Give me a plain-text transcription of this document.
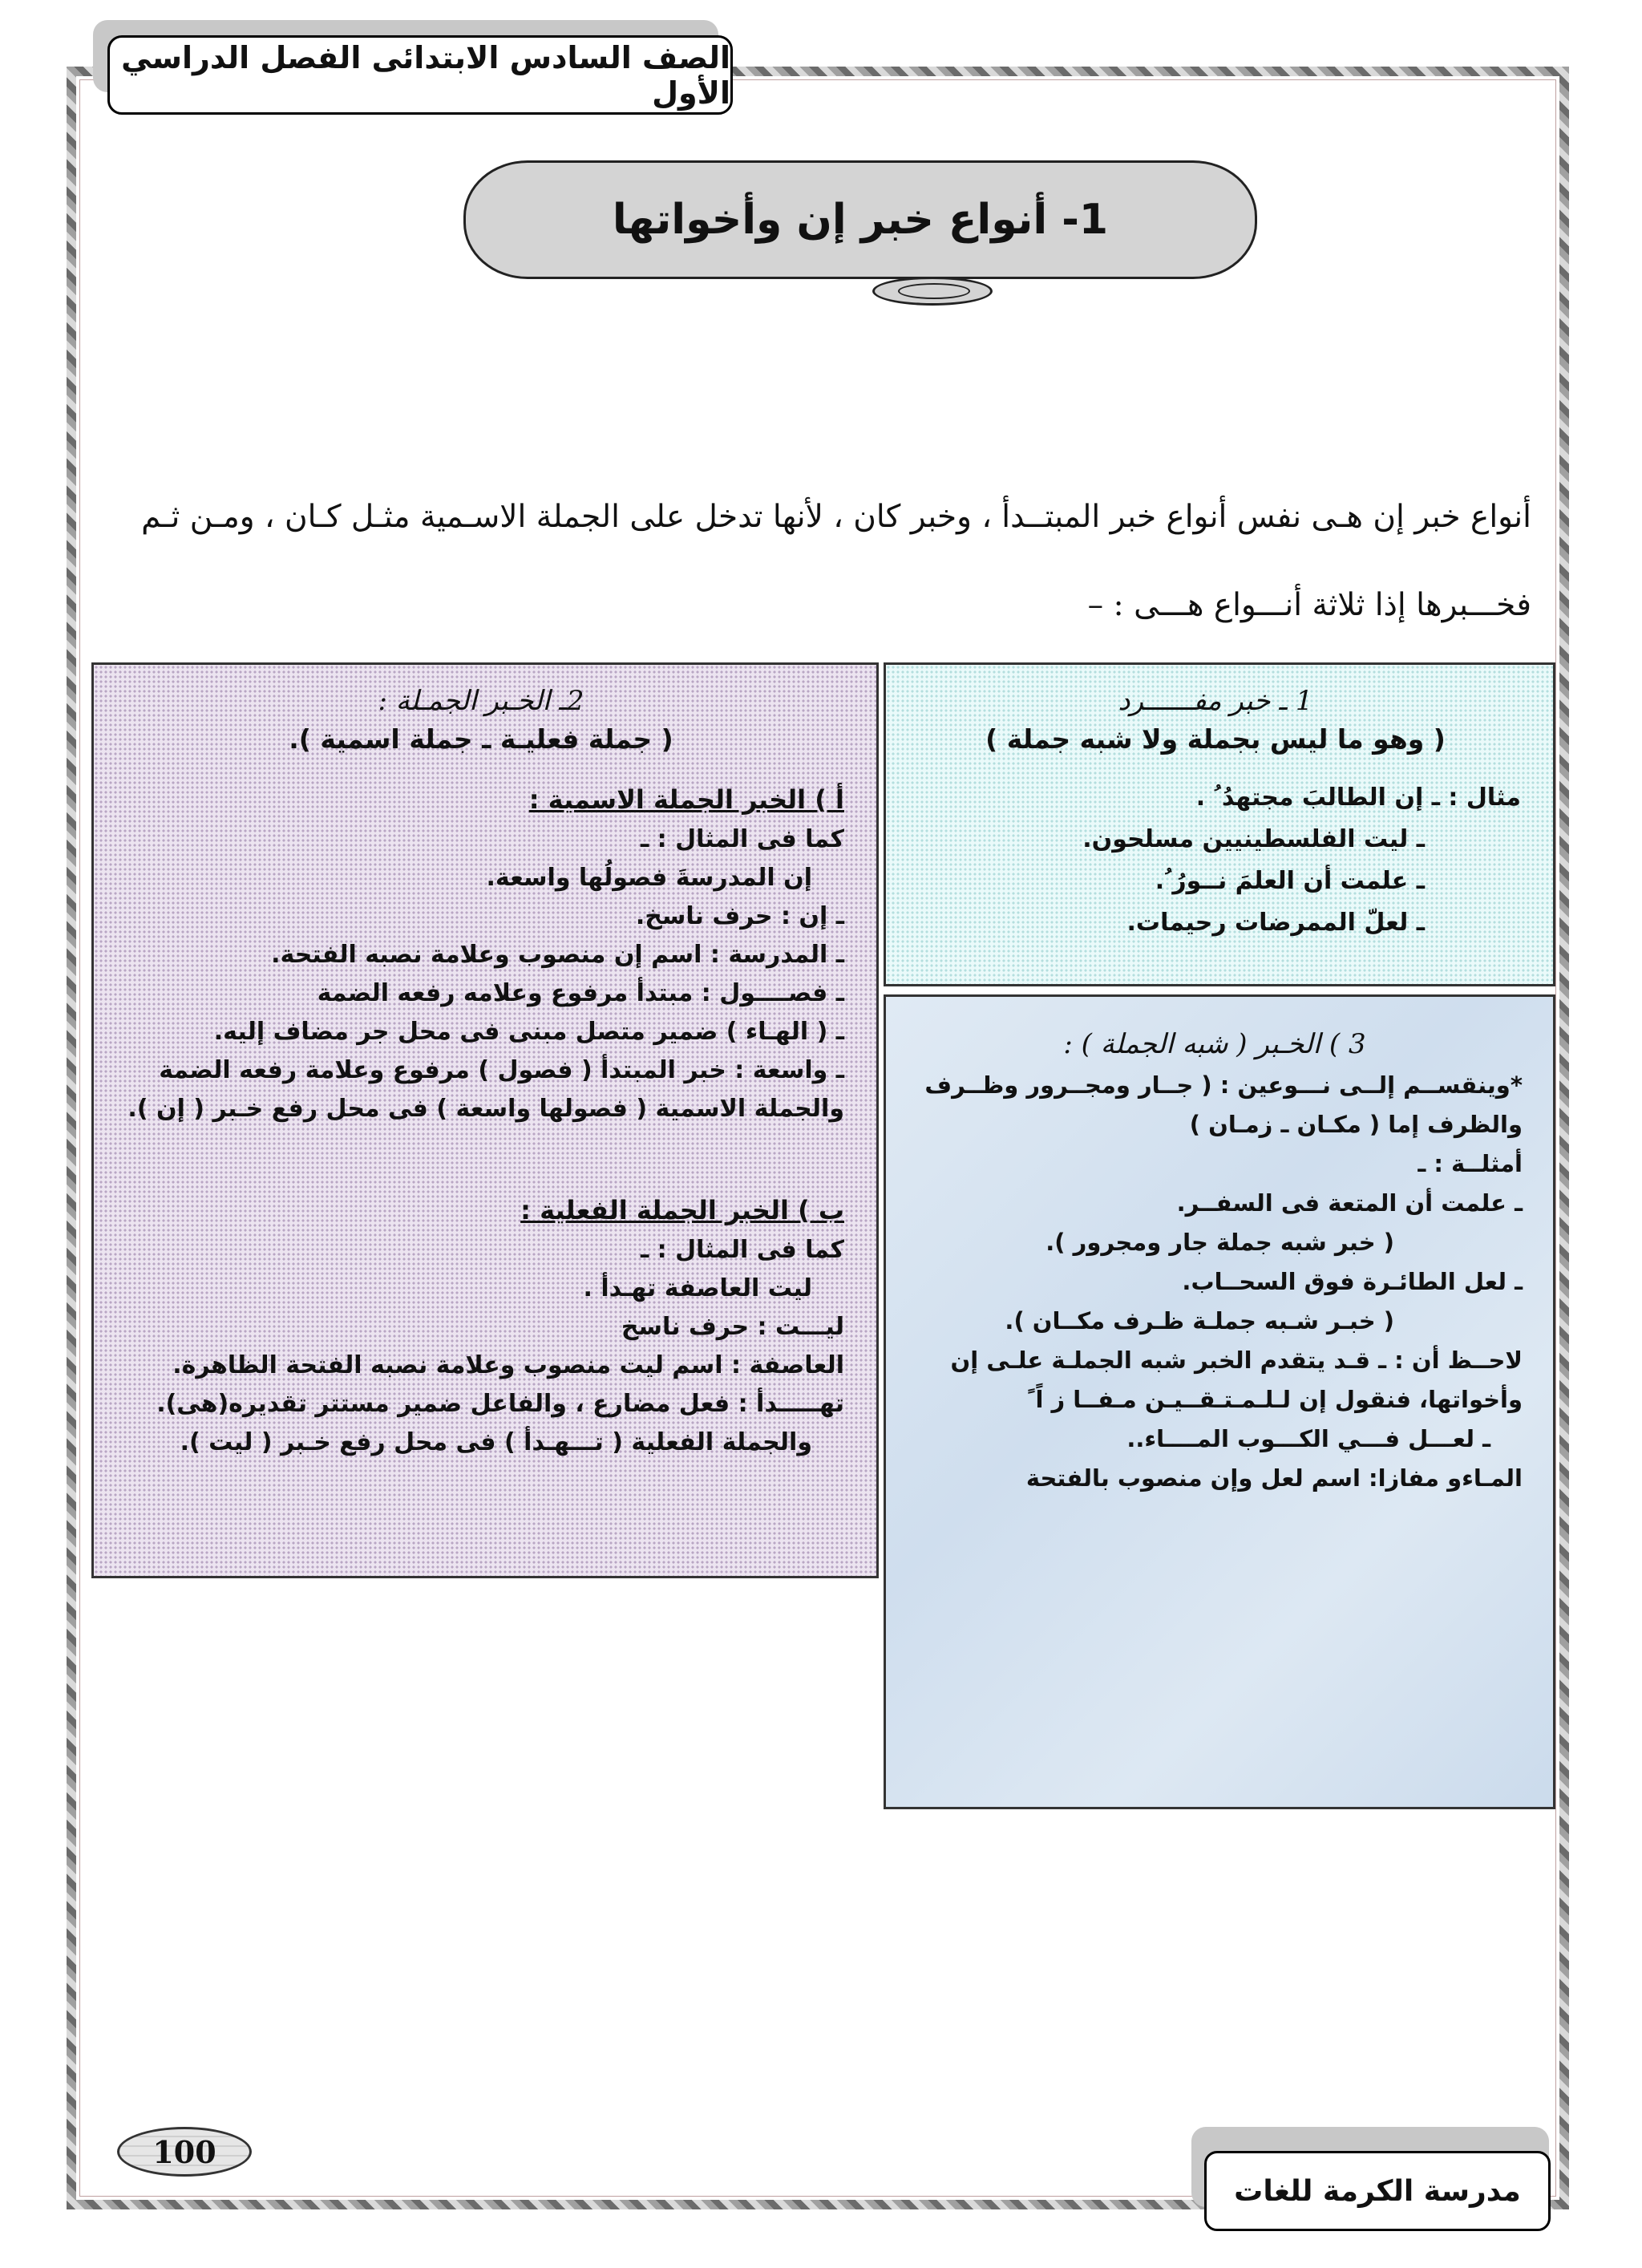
الصف السادس الابتدائى الفصل الدراسي الأول
1- أنواع خبر إن وأخواتها
أنواع خبر إن هـى نفس أنواع خبر المبتــدأ ، وخبر كان ، لأنها تدخل على الجملة الاسـمية مثـل كـان ، ومـن ثـم
فخـــبرها إذا ثلاثة أنـــواع هـــى : –
2ـ الخـبر الجمـلة :
( جملة فعليـة ـ جملة اسمية ).
أ ) الخبر الجملة الاسمية :
كما فى المثال : ـ
إن المدرسةَ فصولُها واسعة.
ـ إن : حرف ناسخ.
ـ المدرسة : اسم إن منصوب وعلامة نصبه الفتحة.
ـ فصــــول : مبتدأ مرفوع وعلامه رفعه الضمة
ـ ( الهـاء ) ضمير متصل مبنى فى محل جر مضاف إليه.
ـ واسعة : خبر المبتدأ ( فصول ) مرفوع وعلامة رفعه الضمة
والجملة الاسمية ( فصولها واسعة ) فى محل رفع خـبر ( إن ).
ب ) الخبر الجملة الفعلية :
كما فى المثال : ـ
ليت العاصفة تهـدأ .
ليـــت : حرف ناسخ
العاصفة : اسم ليت منصوب وعلامة نصبه الفتحة الظاهرة.
تهـــــدأ : فعل مضارع ، والفاعل ضمير مستتر تقديره(هى).
والجملة الفعلية ( تـــهـدأ ) فى محل رفع خـبر ( ليت ).
1 ـ خبر مفــــــرد
( وهو ما ليس بجملة ولا شبه جملة )
مثال : ـ إن الطالبَ مجتهدُ ُ .
ـ ليت الفلسطينيين مسلحون.
ـ علمت أن العلمَ نــورُ ُ.
ـ لعلّ الممرضات رحيمات.
3 ) الخـبر ( شبه الجملة ) :
*وينقســم إلــى نـــوعين : ( جــار ومجــرور وظــرف
والظرف إما ( مكـان ـ زمـان )
أمثلــة : ـ
ـ علمت أن المتعة فى السفــر.
( خبر شبه جملة جار ومجرور ).
ـ لعل الطائـرة فوق السحــاب.
( خبـر شـبه جملـة ظـرف مكــان ).
لاحــظ أن : ـ قـد يتقدم الخبر شبه الجملـة علـى إن
وأخواتها، فنقول إن لـلـمـتـقــيـن مـفــا ز اً ً
ـ لعـــل فـــي الكـــوب المــــاء..
المـاءو مفازا: اسم لعل وإن منصوب بالفتحة
100
مدرسة الكرمة للغات
